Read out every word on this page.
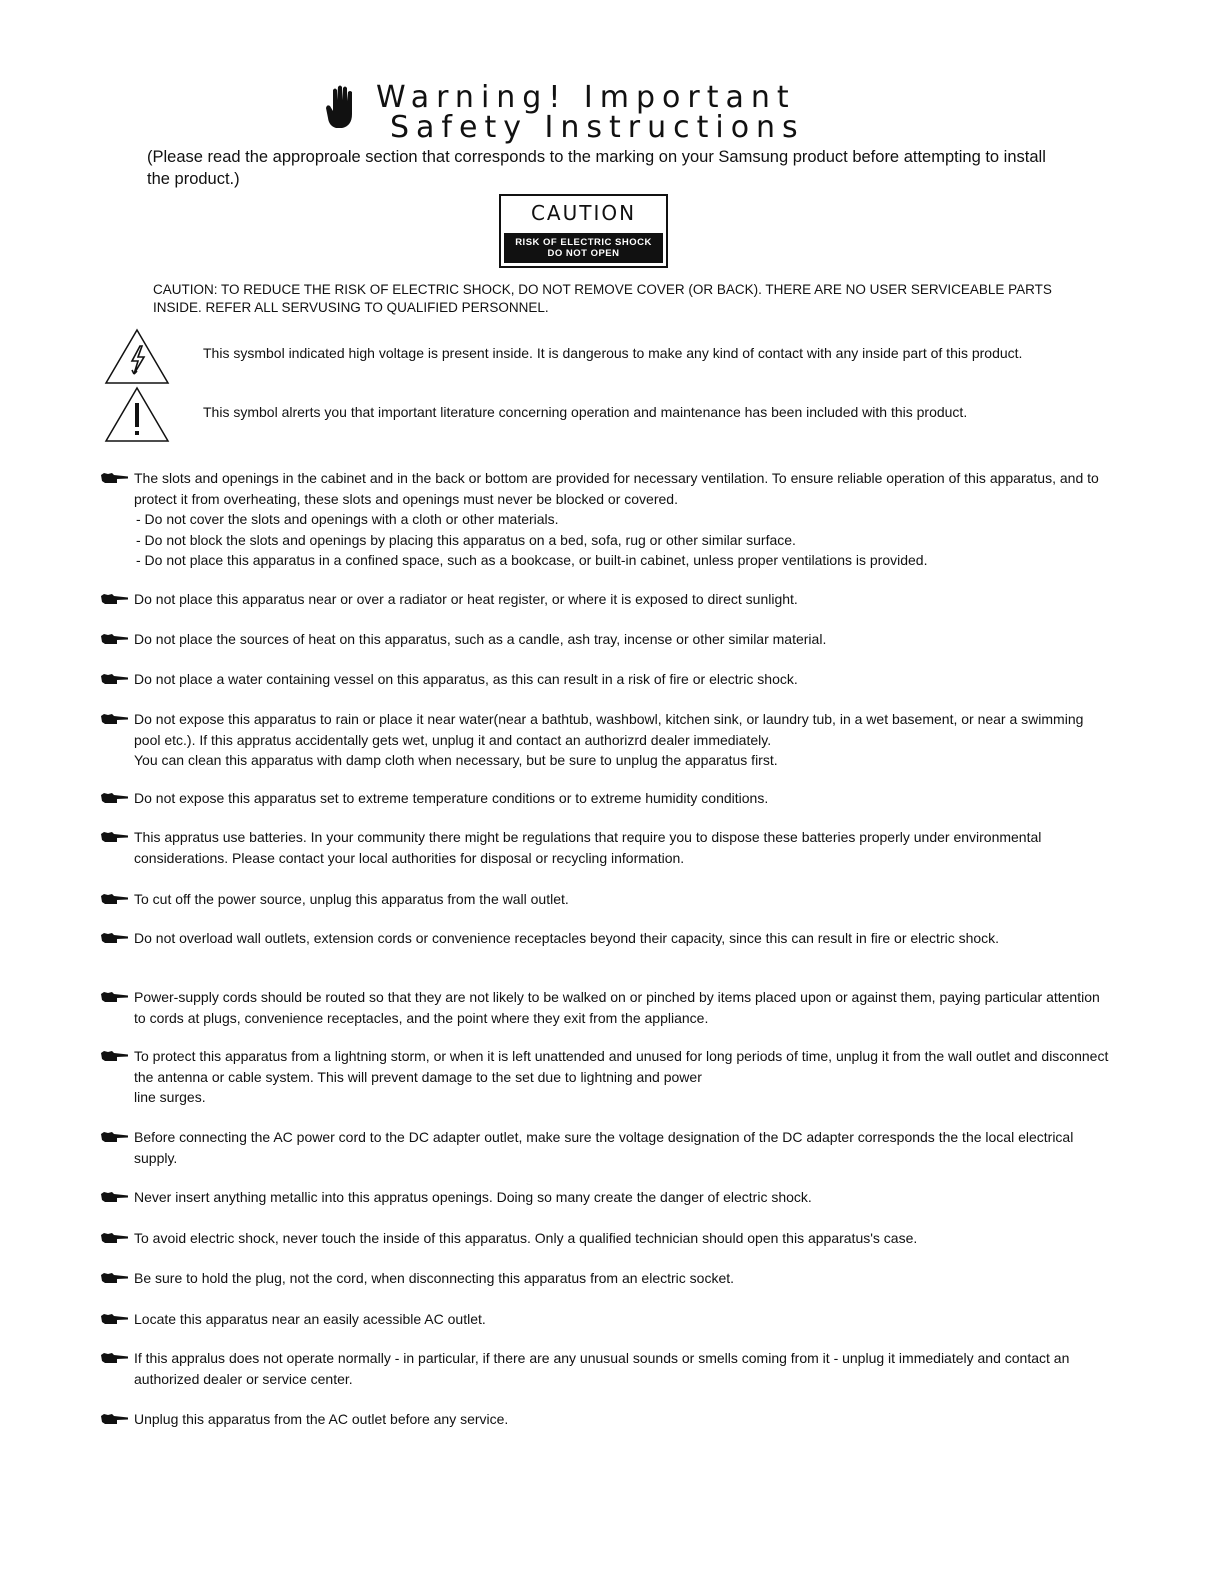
Warning! Important
Safety Instructions
(Please read the approproale section that corresponds to the marking on your Samsung product before attempting to install the product.)
CAUTION
RISK OF ELECTRIC SHOCK
DO NOT OPEN
CAUTION: TO REDUCE THE RISK OF ELECTRIC SHOCK, DO NOT REMOVE COVER (OR BACK). THERE ARE NO USER SERVICEABLE PARTS INSIDE. REFER ALL SERVUSING TO QUALIFIED PERSONNEL.
This sysmbol indicated high voltage is present inside. It is dangerous to make any kind of contact with any inside part of this product.
This symbol alrerts you that important literature concerning operation and maintenance has been included with this product.
The slots and openings in the cabinet and in the back or bottom are provided for necessary ventilation. To ensure reliable operation of this apparatus, and to protect it from overheating, these slots and openings must never be blocked or covered.
- Do not cover the slots and openings with a cloth or other materials.
- Do not block the slots and openings by placing this apparatus on a bed, sofa, rug or other similar surface.
- Do not place this apparatus in a confined space, such as a bookcase, or built-in cabinet, unless proper ventilations is provided.
Do not place this apparatus near or over a radiator or heat register, or where it is exposed to direct sunlight.
Do not place the sources of heat on this apparatus, such as a candle, ash tray, incense or other similar material.
Do not place a water containing vessel on this apparatus, as this can result in a risk of fire or electric shock.
Do not expose this apparatus to rain or place it near water(near a bathtub, washbowl, kitchen sink, or laundry tub, in a wet basement, or near a swimming pool etc.). If this appratus accidentally gets wet, unplug it and contact an authorizrd dealer immediately.
You can clean this apparatus with damp cloth when necessary, but be sure to unplug the apparatus first.
Do not expose this apparatus set to extreme temperature conditions or to extreme humidity conditions.
This appratus use batteries. In your community there might be regulations that require you to dispose these batteries properly under environmental considerations. Please contact your local authorities for disposal or recycling information.
To cut off the power source, unplug this apparatus from the wall outlet.
Do not overload wall outlets, extension cords or convenience receptacles beyond their capacity, since this can result in fire or electric shock.
Power-supply cords should be routed so that they are not likely to be walked on or pinched by items placed upon or against them, paying particular attention to cords at plugs, convenience receptacles, and the point where they exit from the appliance.
To protect this apparatus from a lightning storm, or when it is left unattended and unused for long periods of time, unplug it from the wall outlet and disconnect the antenna or cable system. This will prevent damage to the set due to lightning and power
line surges.
Before connecting the AC power cord to the DC adapter outlet, make sure the voltage designation of the DC adapter corresponds the the local electrical supply.
Never insert anything metallic into this appratus openings. Doing so many create the danger of electric shock.
To avoid electric shock, never touch the inside of this apparatus. Only a qualified technician should open this apparatus's case.
Be sure to hold the plug, not the cord, when disconnecting this apparatus from an electric socket.
Locate this apparatus near an easily acessible AC outlet.
If this appralus does not operate normally - in particular, if there are any unusual sounds or smells coming from it - unplug it immediately and contact an authorized dealer or service center.
Unplug this apparatus from the AC outlet before any service.
